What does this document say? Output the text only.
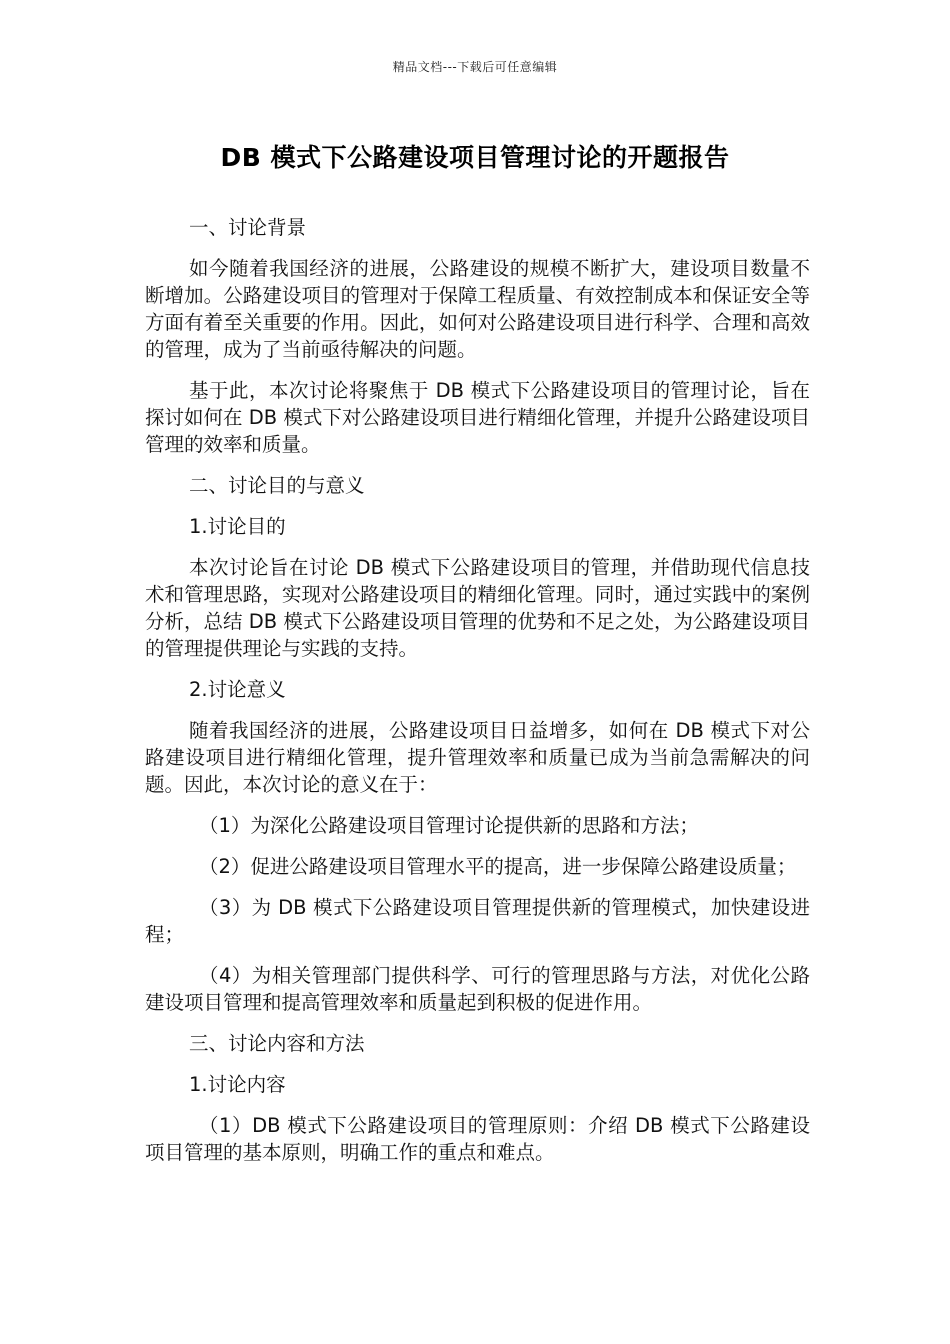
精品文档---下载后可任意编辑
DB 模式下公路建设项目管理讨论的开题报告

一、讨论背景

如今随着我国经济的进展，公路建设的规模不断扩大，建设项目数量不断增加。公路建设项目的管理对于保障工程质量、有效控制成本和保证安全等方面有着至关重要的作用。因此，如何对公路建设项目进行科学、合理和高效的管理，成为了当前亟待解决的问题。

基于此，本次讨论将聚焦于 DB 模式下公路建设项目的管理讨论，旨在探讨如何在 DB 模式下对公路建设项目进行精细化管理，并提升公路建设项目管理的效率和质量。

二、讨论目的与意义

1.讨论目的

本次讨论旨在讨论 DB 模式下公路建设项目的管理，并借助现代信息技术和管理思路，实现对公路建设项目的精细化管理。同时，通过实践中的案例分析，总结 DB 模式下公路建设项目管理的优势和不足之处，为公路建设项目的管理提供理论与实践的支持。

2.讨论意义

随着我国经济的进展，公路建设项目日益增多，如何在 DB 模式下对公路建设项目进行精细化管理，提升管理效率和质量已成为当前急需解决的问题。因此，本次讨论的意义在于：

（1）为深化公路建设项目管理讨论提供新的思路和方法；

（2）促进公路建设项目管理水平的提高，进一步保障公路建设质量；

（3）为 DB 模式下公路建设项目管理提供新的管理模式，加快建设进程；

（4）为相关管理部门提供科学、可行的管理思路与方法，对优化公路建设项目管理和提高管理效率和质量起到积极的促进作用。

三、讨论内容和方法

1.讨论内容

（1）DB 模式下公路建设项目的管理原则：介绍 DB 模式下公路建设项目管理的基本原则，明确工作的重点和难点。
